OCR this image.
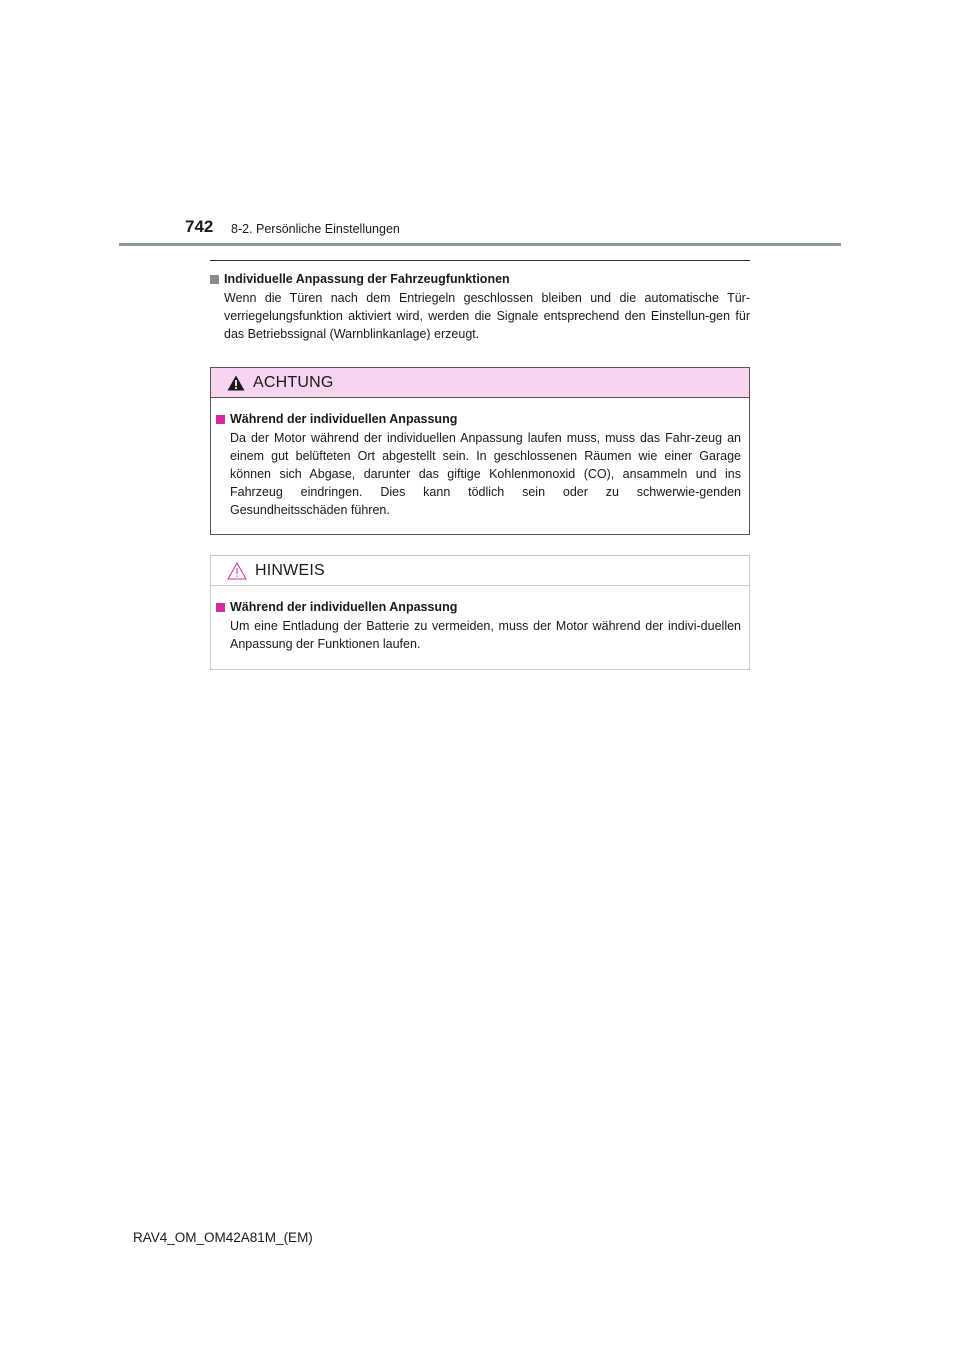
742 8-2. Persönliche Einstellungen
Individuelle Anpassung der Fahrzeugfunktionen
Wenn die Türen nach dem Entriegeln geschlossen bleiben und die automatische Tür-verriegelungsfunktion aktiviert wird, werden die Signale entsprechend den Einstellun-gen für das Betriebssignal (Warnblinkanlage) erzeugt.
ACHTUNG
Während der individuellen Anpassung
Da der Motor während der individuellen Anpassung laufen muss, muss das Fahr-zeug an einem gut belüfteten Ort abgestellt sein. In geschlossenen Räumen wie einer Garage können sich Abgase, darunter das giftige Kohlenmonoxid (CO), ansammeln und ins Fahrzeug eindringen. Dies kann tödlich sein oder zu schwerwie-genden Gesundheitsschäden führen.
HINWEIS
Während der individuellen Anpassung
Um eine Entladung der Batterie zu vermeiden, muss der Motor während der indivi-duellen Anpassung der Funktionen laufen.
RAV4_OM_OM42A81M_(EM)
